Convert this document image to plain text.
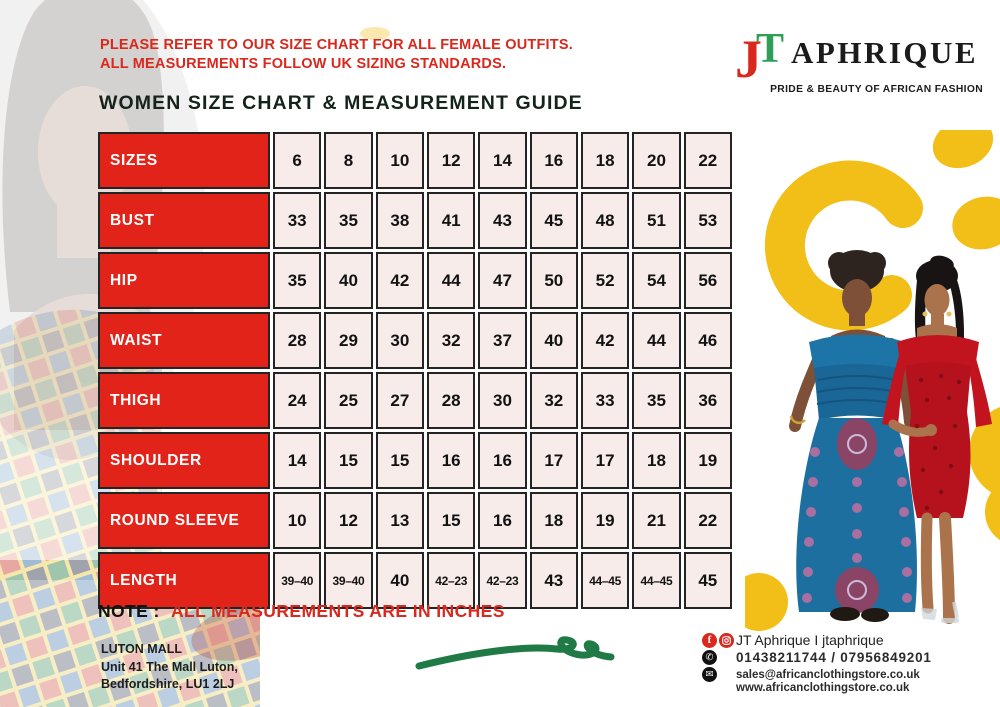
PLEASE REFER TO OUR SIZE CHART FOR ALL FEMALE OUTFITS.
ALL MEASUREMENTS FOLLOW UK SIZING STANDARDS.	J
T APHRIQUE
PRIDE & BEAUTY OF AFRICAN FASHION
WOMEN SIZE CHART & MEASUREMENT GUIDE
SIZES	6	8	10	12	14	16	18	20	22
BUST	33	35	38	41	43	45	48	51	53
HIP	35	40	42	44	47	50	52	54	56
WAIST	28	29	30	32	37	40	42	44	46
THIGH	24	25	27	28	30	32	33	35	36
SHOULDER	14	15	15	16	16	17	17	18	19
ROUND SLEEVE	10	12	13	15	16	18	19	21	22
LENGTH	39–40	39–40	40	42–23	42–23	43	44–45	44–45	45
NOTE : ALL MEASUREMENTS ARE IN INCHES
LUTON MALL
Unit 41 The Mall Luton,
Bedfordshire, LU1 2LJ
f JT Aphrique I jtaphrique
✆ 01438211744 / 07956849201
✉ sales@africanclothingstore.co.uk
www.africanclothingstore.co.uk
